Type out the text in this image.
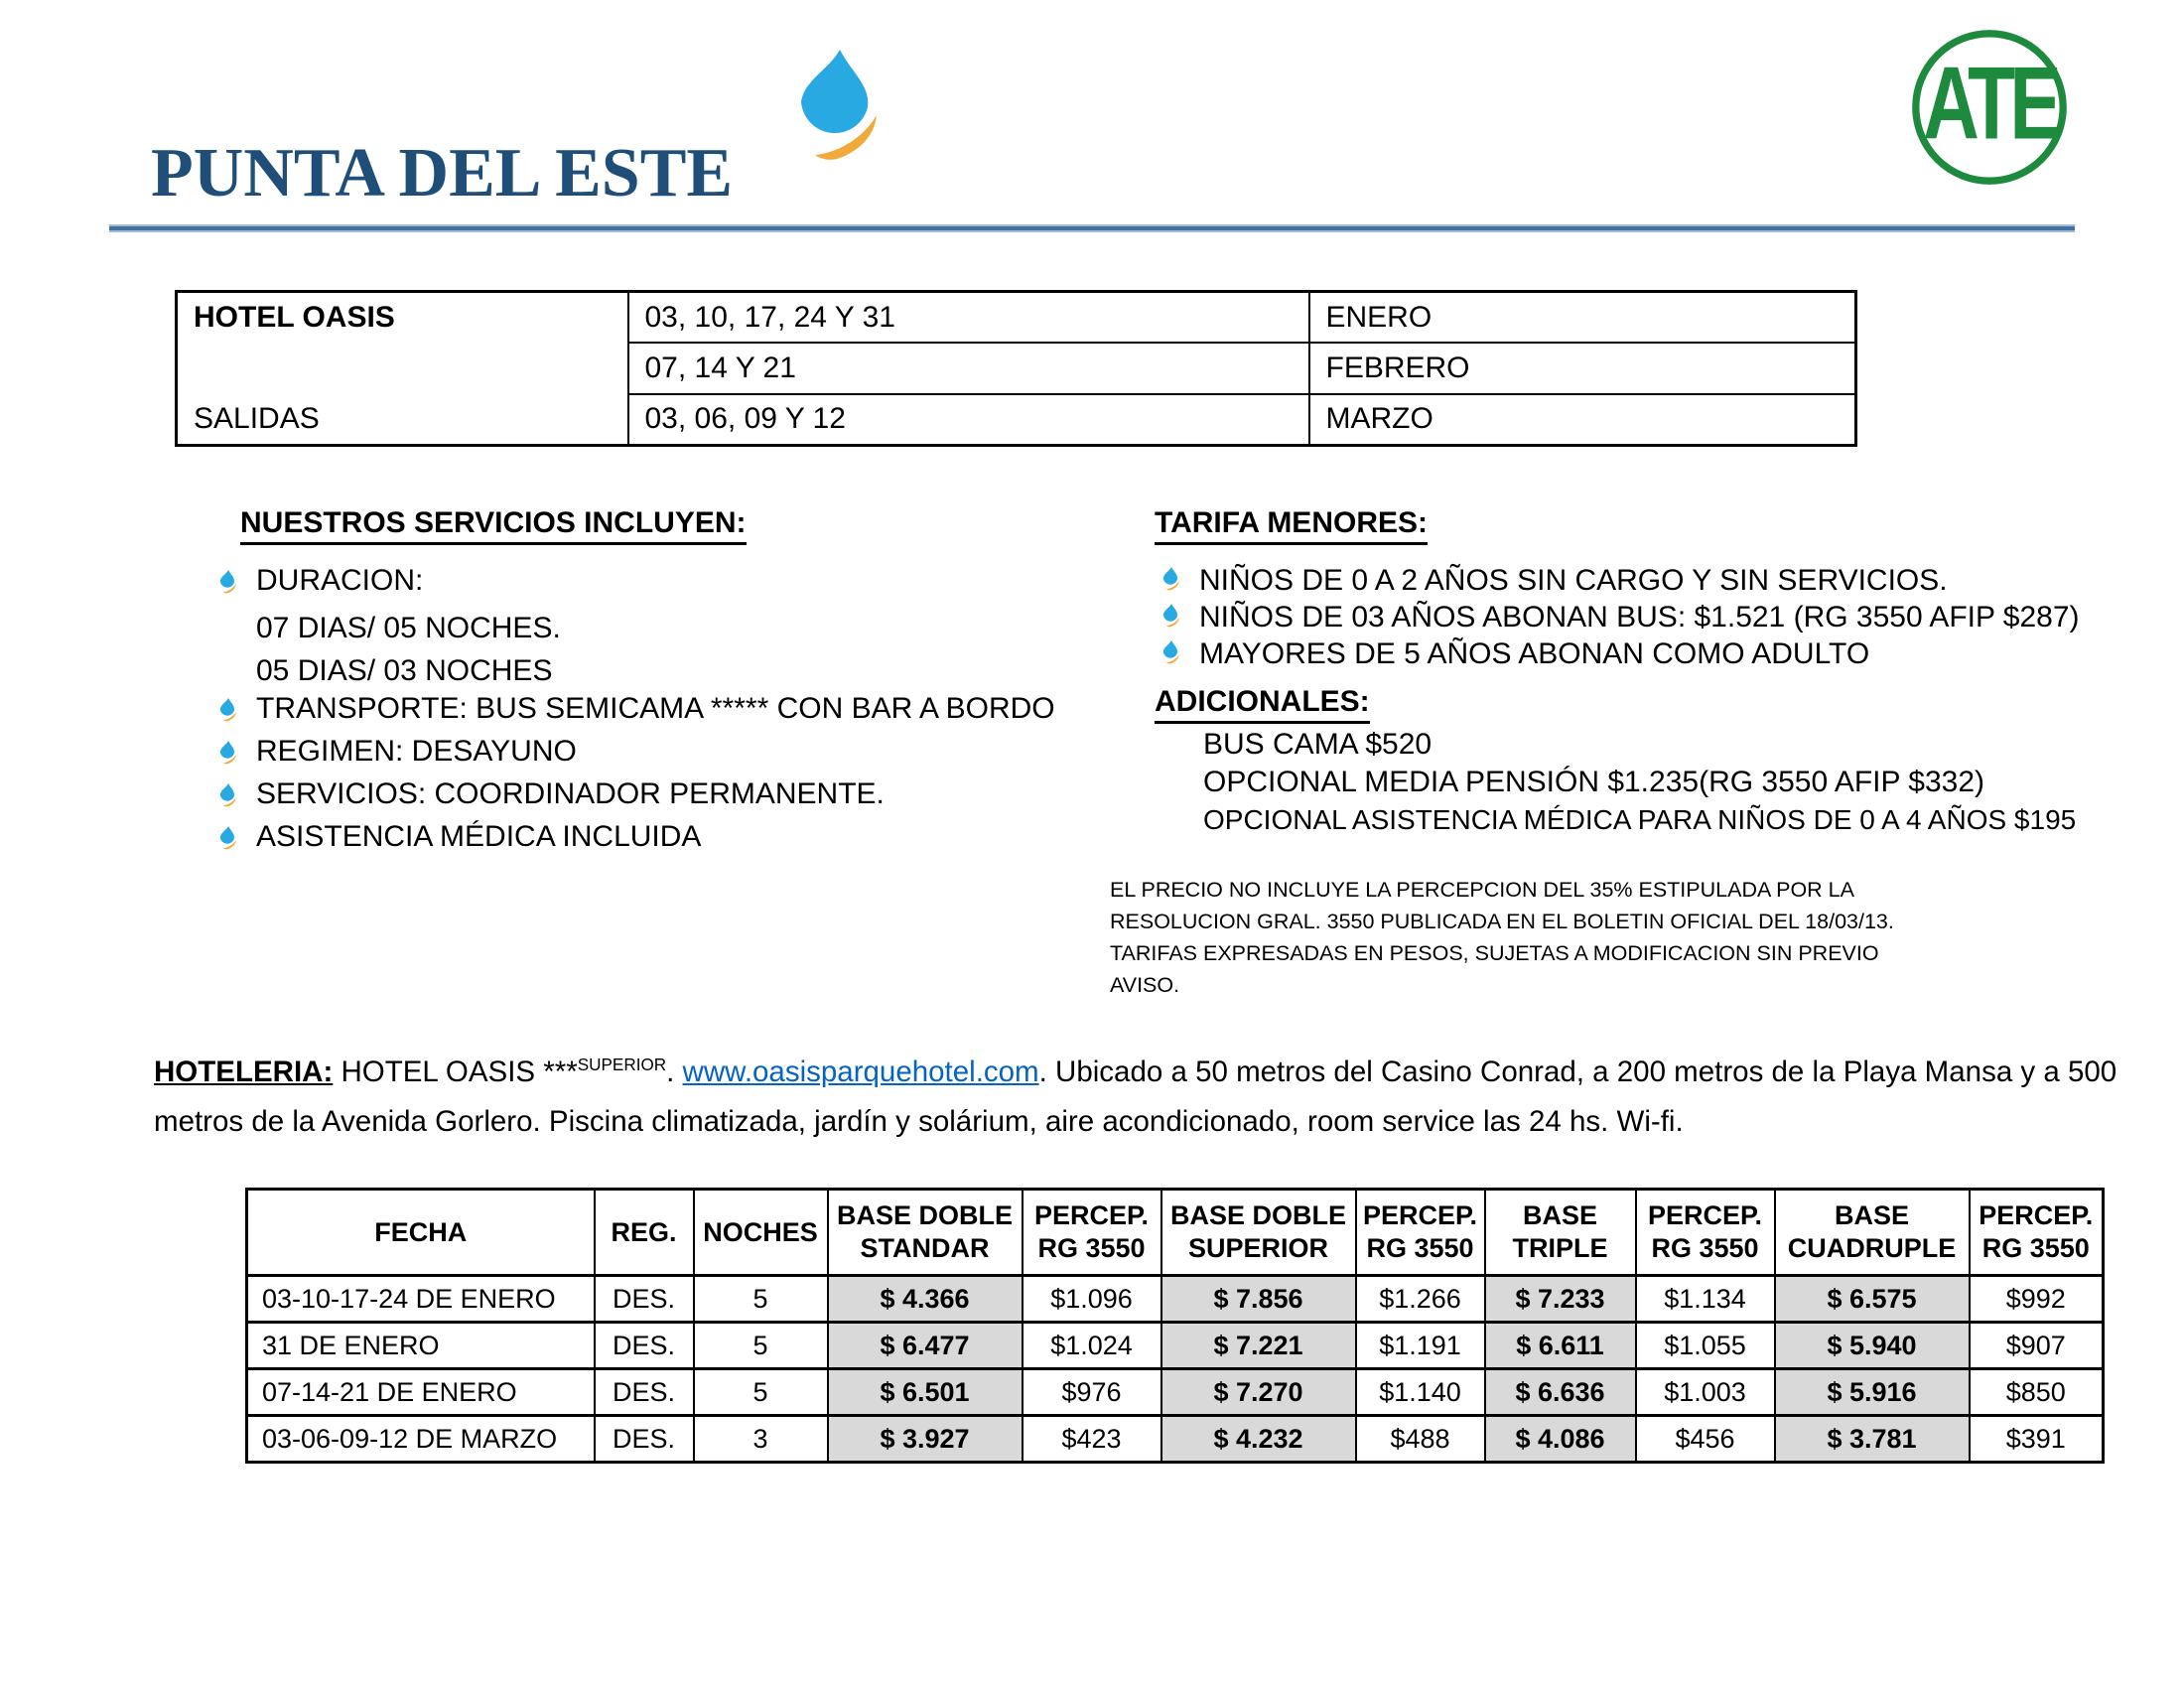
PUNTA DEL ESTE
ATE
HOTEL OASIS
SALIDAS	03, 10, 17, 24 Y 31	ENERO
	07, 14 Y 21	FEBRERO
	03, 06, 09 Y 12	MARZO
NUESTROS SERVICIOS INCLUYEN:
DURACION:
07 DIAS/ 05 NOCHES.
05 DIAS/ 03 NOCHES
TRANSPORTE: BUS SEMICAMA ***** CON BAR A BORDO
REGIMEN: DESAYUNO
SERVICIOS: COORDINADOR PERMANENTE.
ASISTENCIA MÉDICA INCLUIDA
TARIFA MENORES:
NIÑOS DE 0 A 2 AÑOS SIN CARGO Y SIN SERVICIOS.
NIÑOS DE 03 AÑOS ABONAN BUS: $1.521 (RG 3550 AFIP $287)
MAYORES DE 5 AÑOS ABONAN COMO ADULTO
ADICIONALES:
BUS CAMA $520
OPCIONAL MEDIA PENSIÓN $1.235(RG 3550 AFIP $332)
OPCIONAL ASISTENCIA MÉDICA PARA NIÑOS DE 0 A 4 AÑOS $195
EL PRECIO NO INCLUYE LA PERCEPCION DEL 35% ESTIPULADA POR LA RESOLUCION GRAL. 3550 PUBLICADA EN EL BOLETIN OFICIAL DEL 18/03/13. TARIFAS EXPRESADAS EN PESOS, SUJETAS A MODIFICACION SIN PREVIO AVISO.
HOTELERIA: HOTEL OASIS ***$^{SUPERIOR}$. www.oasisparquehotel.com. Ubicado a 50 metros del Casino Conrad, a 200 metros de la Playa Mansa y a 500 metros de la Avenida Gorlero. Piscina climatizada, jardín y solárium, aire acondicionado, room service las 24 hs. Wi-fi.
FECHA	REG.	NOCHES	BASE DOBLE STANDAR	PERCEP. RG 3550	BASE DOBLE SUPERIOR	PERCEP. RG 3550	BASE TRIPLE	PERCEP. RG 3550	BASE CUADRUPLE	PERCEP. RG 3550
03-10-17-24 DE ENERO	DES.	5	$ 4.366	$1.096	$ 7.856	$1.266	$ 7.233	$1.134	$ 6.575	$992
31 DE ENERO	DES.	5	$ 6.477	$1.024	$ 7.221	$1.191	$ 6.611	$1.055	$ 5.940	$907
07-14-21 DE ENERO	DES.	5	$ 6.501	$976	$ 7.270	$1.140	$ 6.636	$1.003	$ 5.916	$850
03-06-09-12 DE MARZO	DES.	3	$ 3.927	$423	$ 4.232	$488	$ 4.086	$456	$ 3.781	$391
